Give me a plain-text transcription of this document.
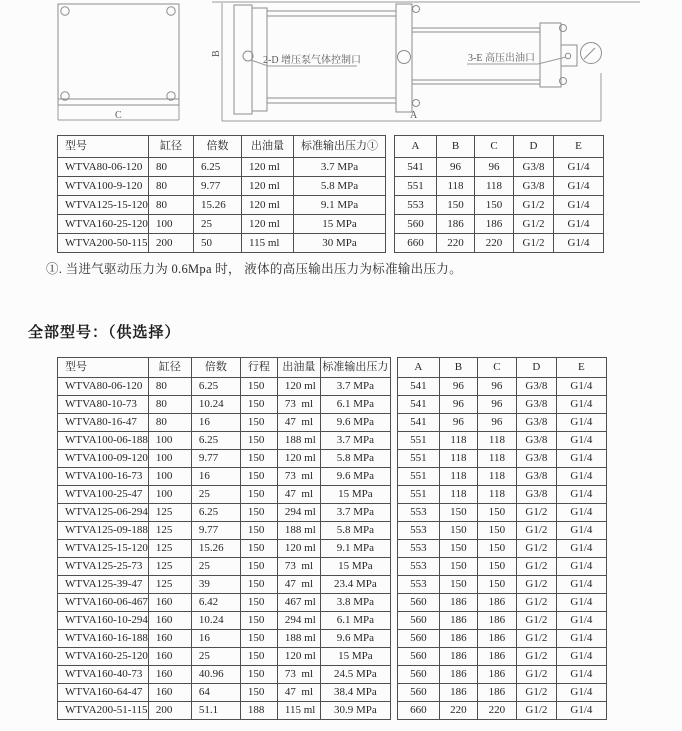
C
B
A
2-D 增压泵气体控制口	3-E 高压出油口
型号	缸径	倍数	出油量	标准输出压力①
WTVA80-06-120	80	6.25	120 ml	3.7 MPa
WTVA100-9-120	80	9.77	120 ml	5.8 MPa
WTVA125-15-120	80	15.26	120 ml	9.1 MPa
WTVA160-25-120	100	25	120 ml	15 MPa
WTVA200-50-115	200	50	115 ml	30 MPa
A	B	C	D	E
541	96	96	G3/8	G1/4
551	118	118	G3/8	G1/4
553	150	150	G1/2	G1/4
560	186	186	G1/2	G1/4
660	220	220	G1/2	G1/4
①. 当进气驱动压力为 0.6Mpa 时， 液体的高压输出压力为标准输出压力。
全部型号：（供选择）
型号	缸径	倍数	行程	出油量	标准输出压力
WTVA80-06-120	80	6.25	150	120 ml	3.7 MPa
WTVA80-10-73	80	10.24	150	73  ml	6.1 MPa
WTVA80-16-47	80	16	150	47  ml	9.6 MPa
WTVA100-06-188	100	6.25	150	188 ml	3.7 MPa
WTVA100-09-120	100	9.77	150	120 ml	5.8 MPa
WTVA100-16-73	100	16	150	73  ml	9.6 MPa
WTVA100-25-47	100	25	150	47  ml	15 MPa
WTVA125-06-294	125	6.25	150	294 ml	3.7 MPa
WTVA125-09-188	125	9.77	150	188 ml	5.8 MPa
WTVA125-15-120	125	15.26	150	120 ml	9.1 MPa
WTVA125-25-73	125	25	150	73  ml	15 MPa
WTVA125-39-47	125	39	150	47  ml	23.4 MPa
WTVA160-06-467	160	6.42	150	467 ml	3.8 MPa
WTVA160-10-294	160	10.24	150	294 ml	6.1 MPa
WTVA160-16-188	160	16	150	188 ml	9.6 MPa
WTVA160-25-120	160	25	150	120 ml	15 MPa
WTVA160-40-73	160	40.96	150	73  ml	24.5 MPa
WTVA160-64-47	160	64	150	47  ml	38.4 MPa
WTVA200-51-115	200	51.1	188	115 ml	30.9 MPa
A	B	C	D	E
541	96	96	G3/8	G1/4
541	96	96	G3/8	G1/4
541	96	96	G3/8	G1/4
551	118	118	G3/8	G1/4
551	118	118	G3/8	G1/4
551	118	118	G3/8	G1/4
551	118	118	G3/8	G1/4
553	150	150	G1/2	G1/4
553	150	150	G1/2	G1/4
553	150	150	G1/2	G1/4
553	150	150	G1/2	G1/4
553	150	150	G1/2	G1/4
560	186	186	G1/2	G1/4
560	186	186	G1/2	G1/4
560	186	186	G1/2	G1/4
560	186	186	G1/2	G1/4
560	186	186	G1/2	G1/4
560	186	186	G1/2	G1/4
660	220	220	G1/2	G1/4
